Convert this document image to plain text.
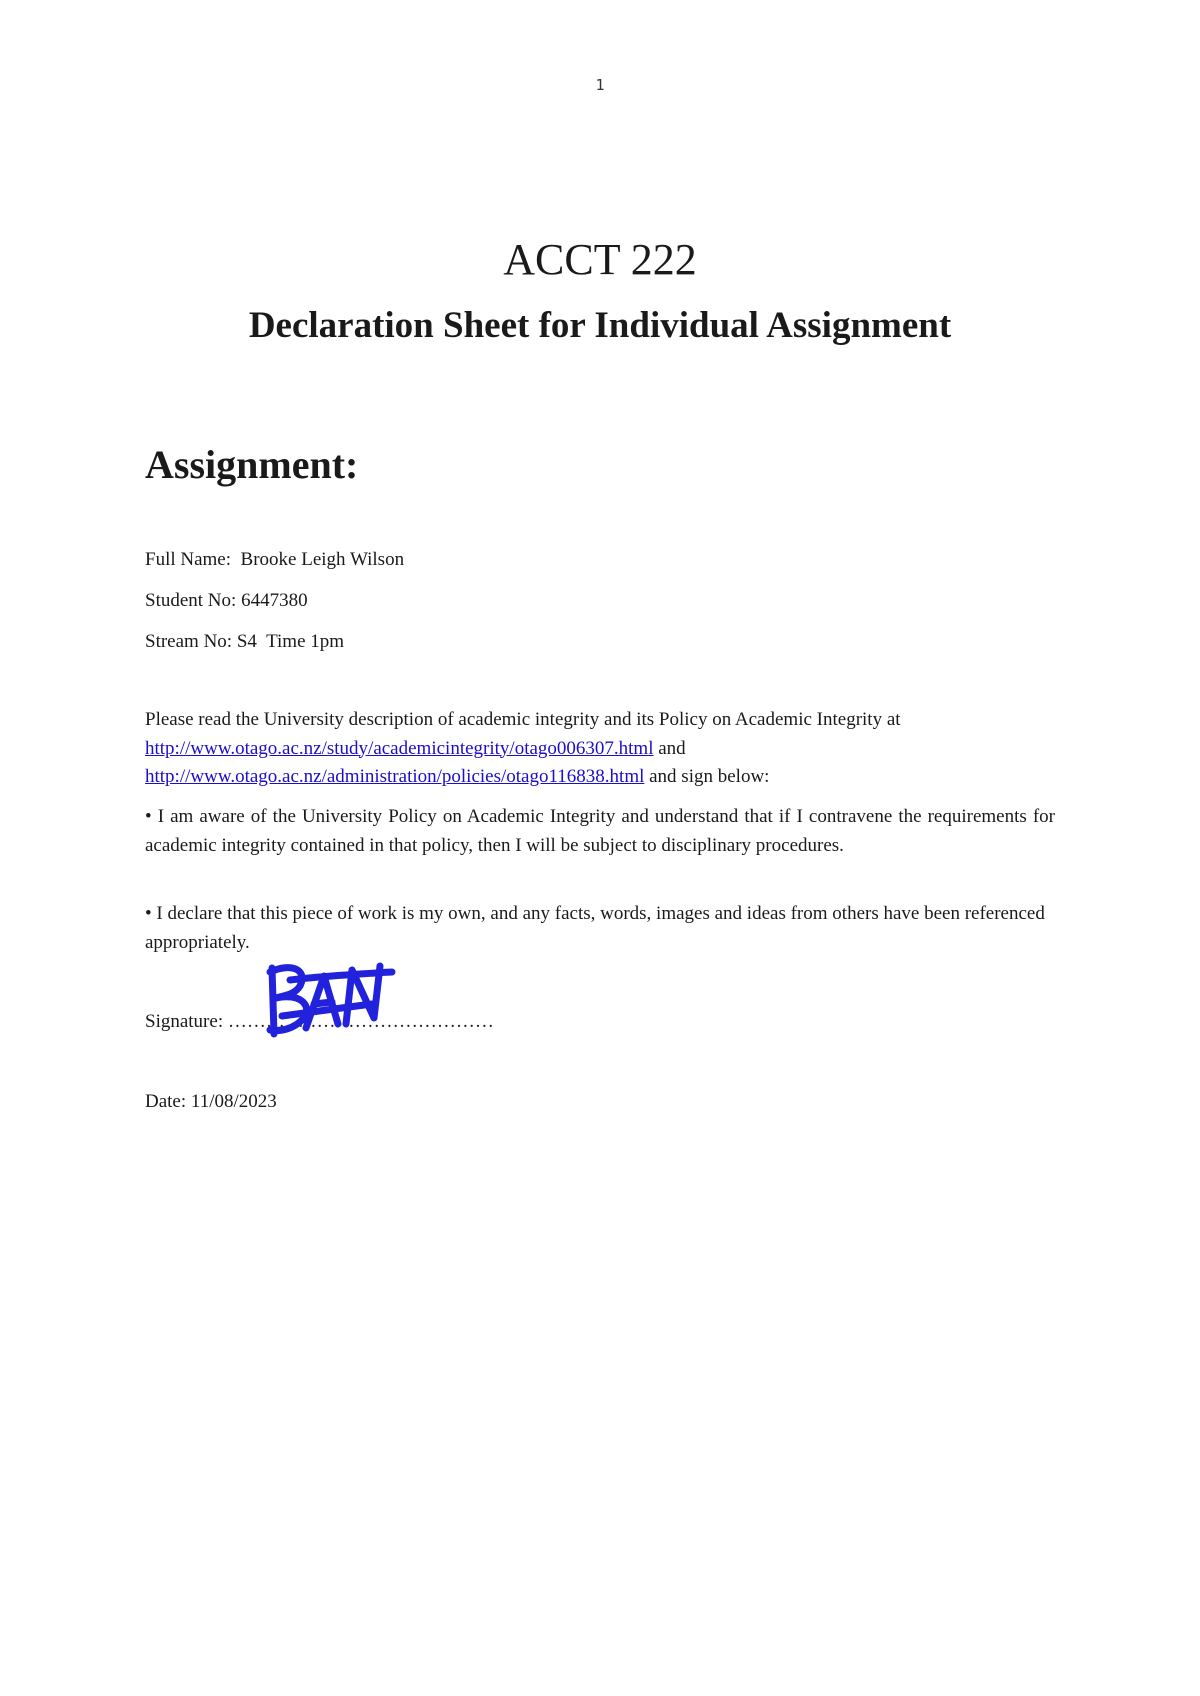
1
ACCT 222
Declaration Sheet for Individual Assignment
Assignment:
Full Name: Brooke Leigh Wilson
Student No: 6447380
Stream No: S4 Time 1pm
Please read the University description of academic integrity and its Policy on Academic Integrity at
http://www.otago.ac.nz/study/academicintegrity/otago006307.html and
http://www.otago.ac.nz/administration/policies/otago116838.html and sign below:
• I am aware of the University Policy on Academic Integrity and understand that if I contravene the requirements for academic integrity contained in that policy, then I will be subject to disciplinary procedures.
• I declare that this piece of work is my own, and any facts, words, images and ideas from others have been referenced appropriately.
Signature: ……………………………………
Date: 11/08/2023
